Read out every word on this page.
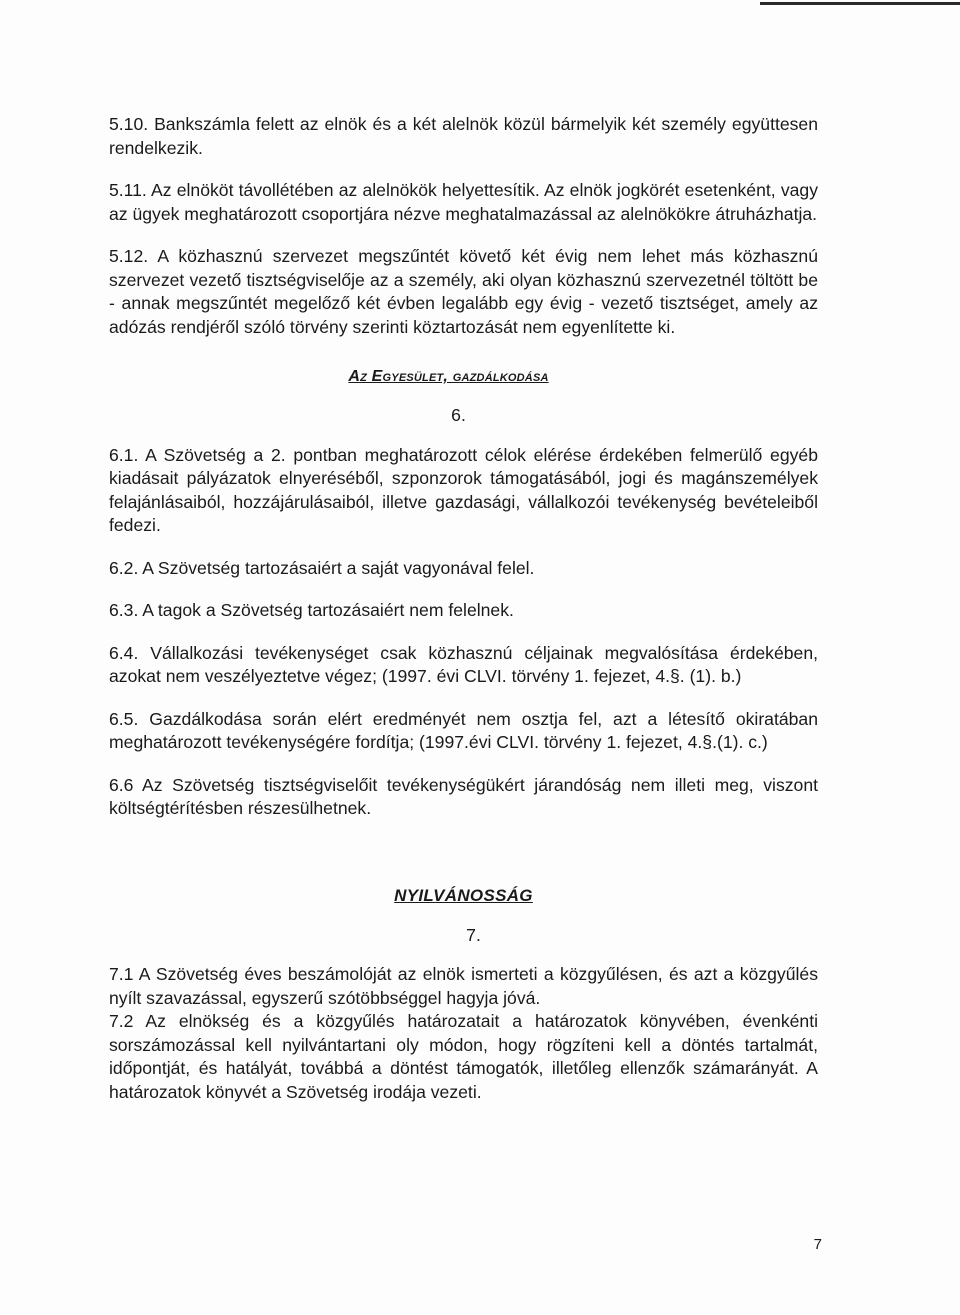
5.10. Bankszámla felett az elnök és a két alelnök közül bármelyik két személy együttesen rendelkezik.

5.11. Az elnököt távollétében az alelnökök helyettesítik. Az elnök jogkörét esetenként, vagy az ügyek meghatározott csoportjára nézve meghatalmazással az alelnökökre átruházhatja.

5.12. A közhasznú szervezet megszűntét követő két évig nem lehet más közhasznú szervezet vezető tisztségviselője az a személy, aki olyan közhasznú szervezetnél töltött be - annak megszűntét megelőző két évben legalább egy évig - vezető tisztséget, amely az adózás rendjéről szóló törvény szerinti köztartozását nem egyenlítette ki.

Az Egyesület, gazdálkodása

6.

6.1. A Szövetség a 2. pontban meghatározott célok elérése érdekében felmerülő egyéb kiadásait pályázatok elnyeréséből, szponzorok támogatásából, jogi és magánszemélyek felajánlásaiból, hozzájárulásaiból, illetve gazdasági, vállalkozói tevékenység bevételeiből fedezi.

6.2. A Szövetség tartozásaiért a saját vagyonával felel.

6.3. A tagok a Szövetség tartozásaiért nem felelnek.

6.4. Vállalkozási tevékenységet csak közhasznú céljainak megvalósítása érdekében, azokat nem veszélyeztetve végez; (1997. évi CLVI. törvény 1. fejezet, 4.§. (1). b.)

6.5. Gazdálkodása során elért eredményét nem osztja fel, azt a létesítő okiratában meghatározott tevékenységére fordítja; (1997.évi CLVI. törvény 1. fejezet, 4.§.(1). c.)

6.6 Az Szövetség tisztségviselőit tevékenységükért járandóság nem illeti meg, viszont költségtérítésben részesülhetnek.

NYILVÁNOSSÁG

7.

7.1 A Szövetség éves beszámolóját az elnök ismerteti a közgyűlésen, és azt a közgyűlés nyílt szavazással, egyszerű szótöbbséggel hagyja jóvá.

7.2 Az elnökség és a közgyűlés határozatait a határozatok könyvében, évenkénti sorszámozással kell nyilvántartani oly módon, hogy rögzíteni kell a döntés tartalmát, időpontját, és hatályát, továbbá a döntést támogatók, illetőleg ellenzők számarányát. A határozatok könyvét a Szövetség irodája vezeti.

7
